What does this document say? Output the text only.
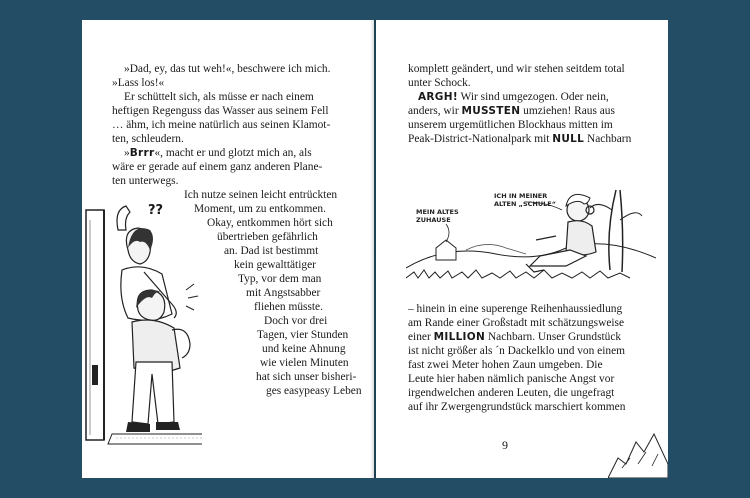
»Dad, ey, das tut weh!«, beschwere ich mich.
»Lass los!«
Er schüttelt sich, als müsse er nach einem
heftigen Regenguss das Wasser aus seinem Fell
… ähm, ich meine natürlich aus seinen Klamot-
ten, schleudern.
»Brrr«, macht er und glotzt mich an, als
wäre er gerade auf einem ganz anderen Plane-
ten unterwegs.
Ich nutze seinen leicht entrückten
Moment, um zu entkommen.
Okay, entkommen hört sich
übertrieben gefährlich
an. Dad ist bestimmt
kein gewalttätiger
Typ, vor dem man
mit Angstsabber
fliehen müsste.
Doch vor drei
Tagen, vier Stunden
und keine Ahnung
wie vielen Minuten
hat sich unser bisheri-
ges easypeasy Leben
??
komplett geändert, und wir stehen seitdem total
unter Schock.
ARGH! Wir sind umgezogen. Oder nein,
anders, wir MUSSTEN umziehen! Raus aus
unserem urgemütlichen Blockhaus mitten im
Peak-District-Nationalpark mit NULL Nachbarn
MEIN ALTES
ZUHAUSE
ICH IN MEINER
ALTEN „SCHULE“
– hinein in eine superenge Reihenhaussiedlung
am Rande einer Großstadt mit schätzungsweise
einer MILLION Nachbarn. Unser Grundstück
ist nicht größer als ´n Dackelklo und von einem
fast zwei Meter hohen Zaun umgeben. Die
Leute hier haben nämlich panische Angst vor
irgendwelchen anderen Leuten, die ungefragt
auf ihr Zwergengrundstück marschiert kommen
9
